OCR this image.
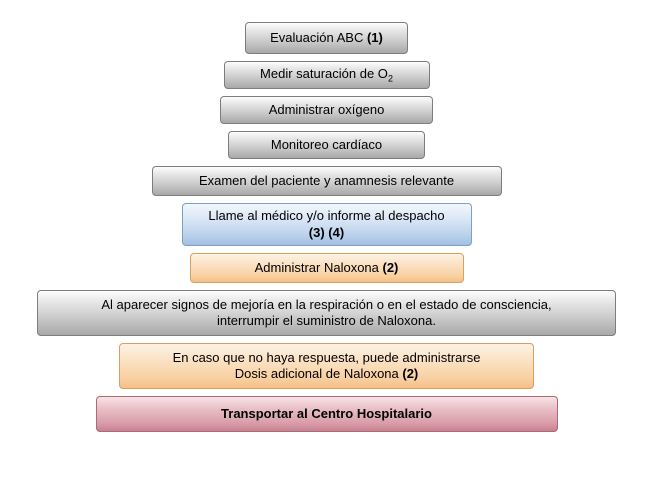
Evaluación ABC (1)
Medir saturación de $O_2$
Administrar oxígeno
Monitoreo cardíaco
Examen del paciente y anamnesis relevante
Llame al médico y/o informe al despacho
(3) (4)
Administrar Naloxona (2)
Al aparecer signos de mejoría en la respiración o en el estado de consciencia,
interrumpir el suministro de Naloxona.
En caso que no haya respuesta, puede administrarse
Dosis adicional de Naloxona (2)
Transportar al Centro Hospitalario
